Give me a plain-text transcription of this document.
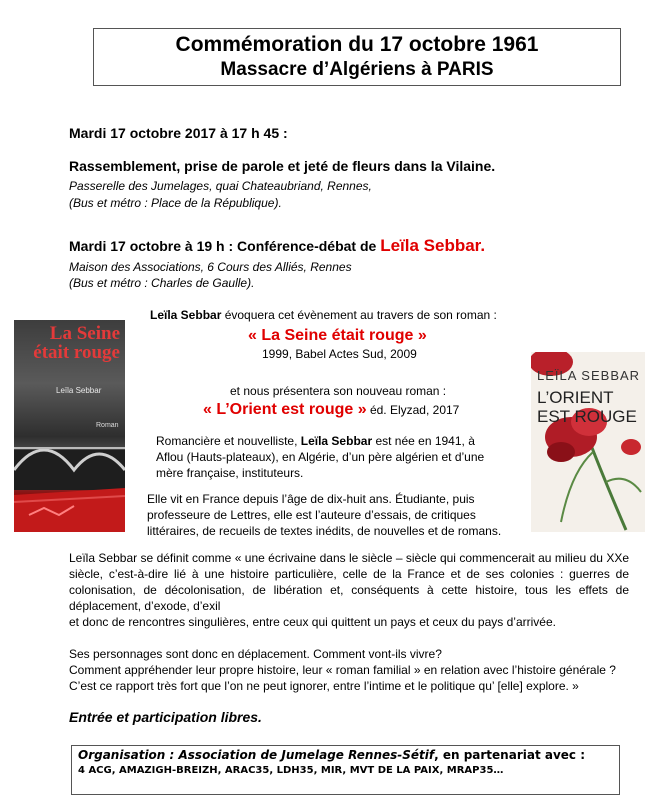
Commémoration du 17 octobre 1961
Massacre d’Algériens à PARIS
Mardi 17 octobre 2017 à 17 h 45 :
Rassemblement, prise de parole et jeté de fleurs dans la Vilaine.
Passerelle des Jumelages, quai Chateaubriand, Rennes,
(Bus et métro : Place de la République).
Mardi 17 octobre à 19 h : Conférence-débat de Leïla Sebbar.
Maison des Associations, 6 Cours des Alliés, Rennes
(Bus et métro : Charles de Gaulle).
Leïla Sebbar évoquera cet évènement au travers de son roman :
« La Seine était rouge »
1999, Babel Actes Sud, 2009
et nous présentera son nouveau roman :
« L’Orient est rouge » éd. Elyzad, 2017
Romancière et nouvelliste, Leïla Sebbar est née en 1941, à Aflou (Hauts-plateaux), en Algérie, d’un père algérien et d’une mère française, instituteurs.
Elle vit en France depuis l’âge de dix-huit ans. Étudiante, puis professeure de Lettres, elle est l’auteure d’essais, de critiques littéraires, de recueils de textes inédits, de nouvelles et de romans.
Leïla Sebbar se définit comme « une écrivaine dans le siècle – siècle qui commencerait au milieu du XXe siècle, c’est-à-dire lié à une histoire particulière, celle de la France et de ses colonies : guerres de colonisation, de décolonisation, de libération et, conséquents à cette histoire, tous les effets de déplacement, d’exode, d’exil
et donc de rencontres singulières, entre ceux qui quittent un pays et ceux du pays d’arrivée.
Ses personnages sont donc en déplacement. Comment vont-ils vivre?
Comment appréhender leur propre histoire, leur « roman familial » en relation avec l’histoire générale ?
C’est ce rapport très fort que l’on ne peut ignorer, entre l’intime et le politique qu’ [elle] explore. »
Entrée et participation libres.
Organisation : Association de Jumelage Rennes-Sétif, en partenariat avec :
4 ACG, AMAZIGH-BREIZH, ARAC35, LDH35, MIR, MVT DE LA PAIX, MRAP35…
La Seine était rouge
Leïla Sebbar
Roman
LEÏLA SEBBAR
L’ORIENT EST ROUGE
